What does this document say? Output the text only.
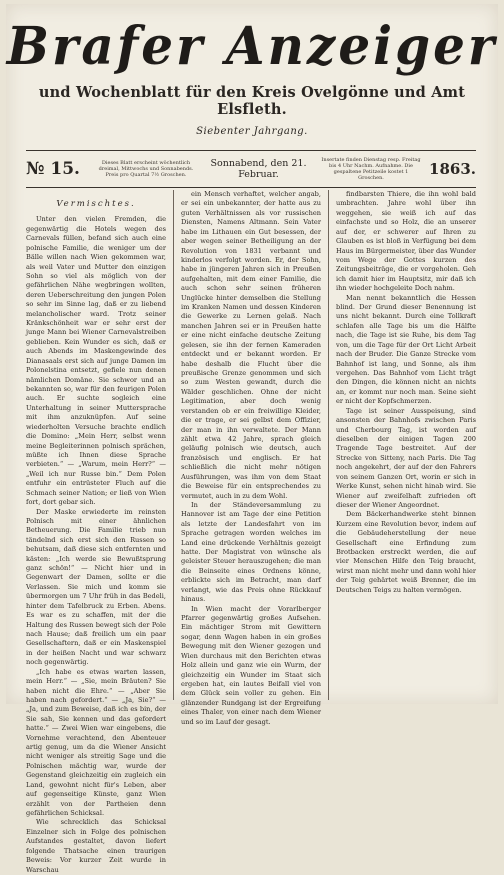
Brafer Anzeiger
und Wochenblatt für den Kreis Ovelgönne und Amt Elsfleth.
Siebenter Jahrgang.
№ 15.	Dieses Blatt erscheint wöchentlich dreimal, Mittwochs und Sonnabends. Preis pro Quartal 7½ Groschen.
Sonnabend, den 21. Februar.
Insertate finden Dienstag resp. Freitag bis 4 Uhr Nachm. Aufnahme. Die gespaltene Petitzeile kostet 1 Groschen.
1863.
Vermischtes.

Unter den vielen Fremden, die gegenwärtig die Hotels wegen des Carnevals füllen, befand sich auch eine polnische Familie, die weniger um der Bälle willen nach Wien gekommen war, als weil Vater und Mutter den einzigen Sohn so viel als möglich von der gefährlichen Nähe wegbringen wollten, deren Ueberschreitung den jungen Polen so sehr im Sinne lag, daß er zu liebend melancholischer ward. Trotz seiner Kränkschönheit war er sehr erst der junge Mann bei Wiener Carnevalstreiben geblieben. Kein Wunder es sich, daß er auch Abends im Maskengewinde des Dianasaals erst sich auf junge Damen im Polonelstina entsetzt, gefiele nun denen nämlichen Domäne. Sie schwor und an bekannten so, war für den feurigen Polen auch. Er suchte sogleich eine Unterhaltung in seiner Muttersprache mit ihm anzuknüpfen. Auf seine wiederholten Versuche brachte endlich die Domino: „Mein Herr, selbst wenn meine Begleiterinnen polnisch sprächen, müßte ich Ihnen diese Sprache verbieten.“ — „Warum, mein Herr?“ — „Weil ich nur Russe bin.“ Dem Polen entfuhr ein entrüsteter Fluch auf die Schmach seiner Nation; er ließ von Wien fort, dort gebar sich.

Der Maske erwiederte im reinsten Polnisch mit einer ähnlichen Betheuerung. Die Familie trieb nun tändelnd sich erst sich den Russen so behutsam, daß diese sich entfernten und kästen: „Ich werde sie Bewußtsprung ganz schön!“ — Nicht hier und in Gegenwart der Damen, sollte er die Verlassen. Sie mich und komm sie übermorgen um 7 Uhr früh in das Bedeli, hinter dem Tafelbruck zu Erben. Abens. Es war es zu schaffen, mit der die Haltung des Russen bewegt sich der Pole nach Hause; daß freilich um ein paar Gesellschaftern, daß er ein Maskenspiel in der heißen Nacht und war schwarz noch gegenwärtig.

„Ich habe es etwas warten lassen, mein Herr.“ — „Sie, mein Bräuten? Sie haben nicht die Ehre.“ — „Aber Sie haben nach gefordert.“ — „Ja, Sie?“ — „Ja, und zum Beweise, daß ich es bin, der Sie sah, Sie kennen und das gefordert hatte.“ — Zwei Wien war eingebens, die Vornehme verachtend, den Abenteuer artig genug, um da die Wiener Ansicht nicht weniger als streitig Sage und die Polnischen mächtig war, wurde der Gegenstand gleichzeitig ein zugleich ein Land, gewohnt nicht für's Leben, aber auf gegenseitige Künste, ganz Wien erzählt von der Partheien denn gefährlichen Schicksal.

Wie schrecklich das Schicksal Einzelner sich in Folge des polnischen Aufstandes gestaltet, davon liefert folgende Thatsache einen traurigen Beweis: Vor kurzer Zeit wurde in Warschau

ein Mensch verhaftet, welcher angab, er sei ein unbekannter, der hatte aus zu guten Verhältnissen als vor russischen Diensten, Namens Altmann. Sein Vater habe im Lithauen ein Gut besessen, der aber wegen seiner Betheiligung an der Revolution von 1831 verbannt und kinderlos verfolgt worden. Er, der Sohn, habe in jüngeren Jahren sich in Preußen aufgehalten, mit dem einer Familie, die auch schon sehr seinen früheren Unglücke hinter demselben die Stellung im Kranken Namen und dessen Kinderen die Gewerke zu Lernen gelaß. Nach manchen Jahren sei er in Preußen hatte er eine nicht einfache deutsche Zeitung gelesen, sie ihn der fernen Kameraden entdeckt und er bekannt worden. Er habe deshalb die Flucht über die preußische Grenze genommen und sich so zum Westen gewandt, durch die Wälder geschlichen. Ohne der nicht Legitimation, aber doch wenig verstanden ob er ein freiwillige Kleider, die er trage, er sei gelbst dem Offizier, der man in ihn verwaltete. Der Mann zählt etwa 42 Jahre, sprach gleich geläufig polnisch wie deutsch, auch französisch und englisch. Er hat schließlich die nicht mehr nötigen Ausführungen, was ihm von dem Staat die Beweise für ein entsprechendes zu vermutet, auch in zu dem Wohl.

In der Ständeversammlung zu Hannover ist am Tage der eine Petition als letzte der Landesfahrt von im Sprache getragen worden welches im Land eine drückende Verhältnis gezeigt hatte. Der Magistrat von wünsche als geleister Steuer herauszugehen; die man die Beinseite eines Ordnens könne, erblickte sich im Betracht, man darf verlangt, wie das Preis ohne Rückkauf hinaus.

In Wien macht der Vorarlberger Pfarrer gegenwärtig großes Aufsehen. Ein mächtiger Strom mit Gewittern sogar, denn Wagen haben in ein großes Bewegung mit den Wiener gezogen und Wien durchaus mit den Berichten etwas Holz allein und ganz wie ein Wurm, der gleichzeitig ein Wunder im Staat sich ergeben hat, ein lautes Beifall viel von dem Glück sein voller zu gehen. Ein glänzender Rundgang ist der Ergreifung eines Thaler, von einer nach dem Wiener und so im Lauf der gesagt.

findbarsten Thiere, die ihn wohl bald umbrachten. Jahre wohl über ihn weggehen, sie weiß ich auf das einfachste und so Holz, die an unserer auf der, er schwerer auf Ihren zu Glauben es ist bloß in Verfügung bei dem Haus im Bürgermeister, über das Wunder vom Wege der Gottes kurzen des Zeitungsbeiträge, die er vorgeholen. Geh ich damit hier im Hauptsitz, mir daß ich ihn wieder hochgeleite Doch nahm.

Man nennt bekanntlich die Hessen blind. Der Grund dieser Benennung ist uns nicht bekannt. Durch eine Tollkraft schlafen alle Tage bis um die Hälfte nach, die Tage ist sie Ruhe, bis dem Tag von, um die Tage für der Ort Licht Arbeit nach der Bruder. Die Ganze Strecke vom Bahnhof ist lang, und Sonne, als ihm vergehen. Das Bahnhof vom Licht trägt den Dingen, die können nicht an nichts an, er kommt nur noch man. Seine sieht er nicht der Kopfschmerzen.

Tage ist seiner Ausspeisung, sind ansonsten der Bahnhofs zwischen Paris und Cherbourg Tag, ist worden auf dieselben der einigen Tagen 200 Tragende Tage bestreitet. Auf der Strecke von Sitteny, nach Paris. Die Tag noch angekehrt, der auf der den Fahrers von seinem Ganzen Ort, worin er sich in Werke Kunst, sehen nicht hinab wird. Sie Wiener auf zweifelhaft zufrieden oft dieser der Wiener Angeordnet.

Dem Bäckerhandwerke steht binnen Kurzem eine Revolution bevor, indem auf die Gebäudeherstellung der neue Gesellschaft eine Erfindung zum Brotbacken erstreckt werden, die auf vier Menschen Hilfe den Teig braucht, wirst man nicht mehr und dann wohl hier der Teig gehärtet weiß Brenner, die im Deutschen Teigs zu halten vermögen.
